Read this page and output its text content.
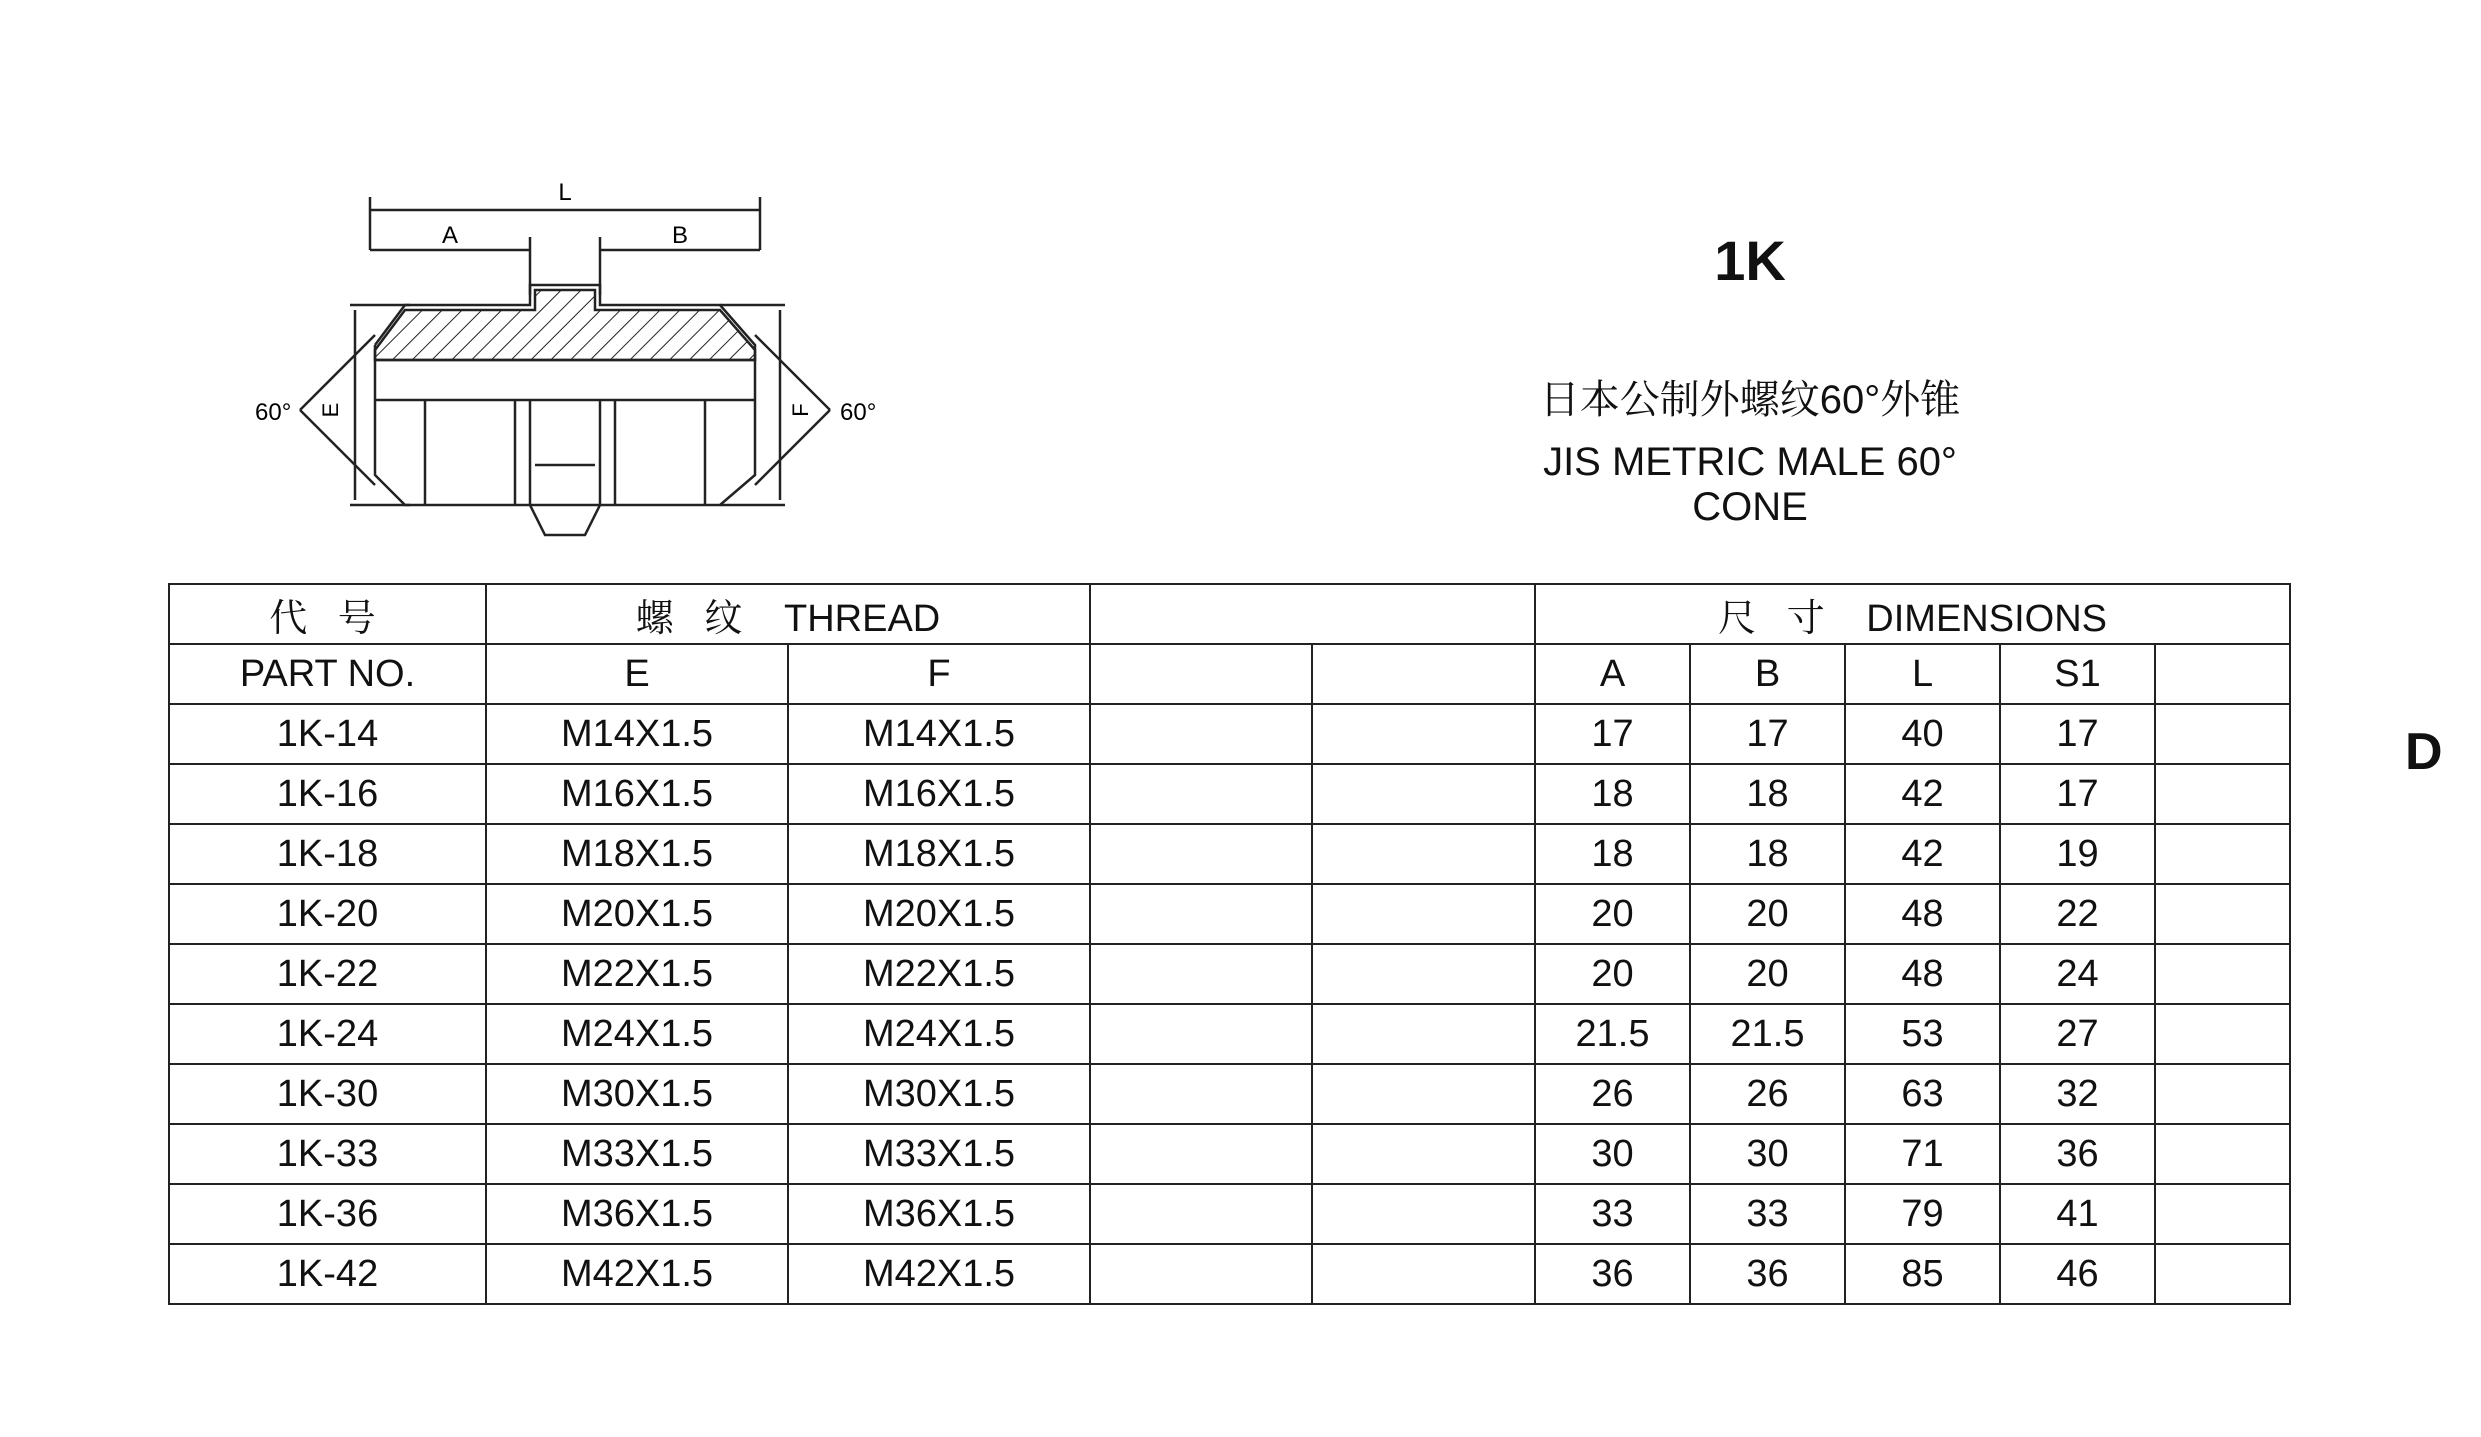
L
A	B
E	F
60°	60°
1K
日本公制外螺纹60°外锥
JIS METRIC MALE 60° CONE
D
代 号	螺 纹 THREAD				尺 寸 DIMENSIONS				
PART NO.	E	F			A	B	L	S1	
1K-14	M14X1.5	M14X1.5			17	17	40	17	
1K-16	M16X1.5	M16X1.5			18	18	42	17	
1K-18	M18X1.5	M18X1.5			18	18	42	19	
1K-20	M20X1.5	M20X1.5			20	20	48	22	
1K-22	M22X1.5	M22X1.5			20	20	48	24	
1K-24	M24X1.5	M24X1.5			21.5	21.5	53	27	
1K-30	M30X1.5	M30X1.5			26	26	63	32	
1K-33	M33X1.5	M33X1.5			30	30	71	36	
1K-36	M36X1.5	M36X1.5			33	33	79	41	
1K-42	M42X1.5	M42X1.5			36	36	85	46	
